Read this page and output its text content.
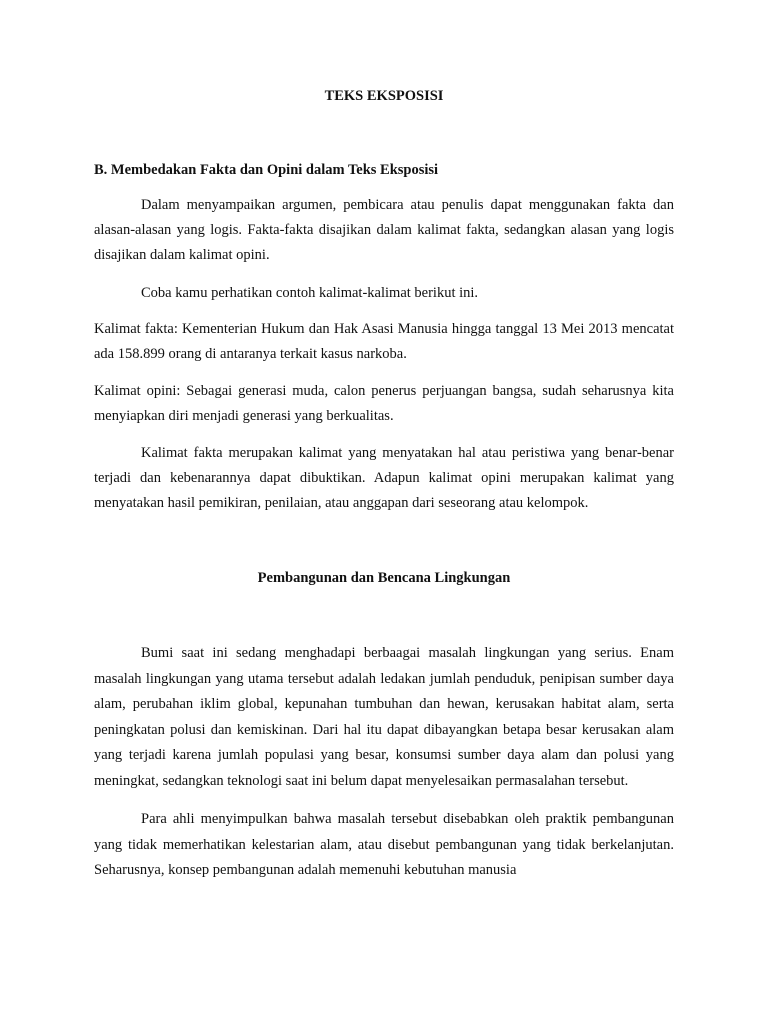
TEKS EKSPOSISI
B. Membedakan Fakta dan Opini dalam Teks Eksposisi

Dalam menyampaikan argumen, pembicara atau penulis dapat menggunakan fakta dan alasan-alasan yang logis. Fakta-fakta disajikan dalam kalimat fakta, sedangkan alasan yang logis disajikan dalam kalimat opini.

Coba kamu perhatikan contoh kalimat-kalimat berikut ini.

Kalimat fakta: Kementerian Hukum dan Hak Asasi Manusia hingga tanggal 13 Mei 2013 mencatat ada 158.899 orang di antaranya terkait kasus narkoba.

Kalimat opini: Sebagai generasi muda, calon penerus perjuangan bangsa, sudah seharusnya kita menyiapkan diri menjadi generasi yang berkualitas.

Kalimat fakta merupakan kalimat yang menyatakan hal atau peristiwa yang benar-benar terjadi dan kebenarannya dapat dibuktikan. Adapun kalimat opini merupakan kalimat yang menyatakan hasil pemikiran, penilaian, atau anggapan dari seseorang atau kelompok.

Pembangunan dan Bencana Lingkungan

Bumi saat ini sedang menghadapi berbaagai masalah lingkungan yang serius. Enam masalah lingkungan yang utama tersebut adalah ledakan jumlah penduduk, penipisan sumber daya alam, perubahan iklim global, kepunahan tumbuhan dan hewan, kerusakan habitat alam, serta peningkatan polusi dan kemiskinan. Dari hal itu dapat dibayangkan betapa besar kerusakan alam yang terjadi karena jumlah populasi yang besar, konsumsi sumber daya alam dan polusi yang meningkat, sedangkan teknologi saat ini belum dapat menyelesaikan permasalahan tersebut.

Para ahli menyimpulkan bahwa masalah tersebut disebabkan oleh praktik pembangunan yang tidak memerhatikan kelestarian alam, atau disebut pembangunan yang tidak berkelanjutan. Seharusnya, konsep pembangunan adalah memenuhi kebutuhan manusia
